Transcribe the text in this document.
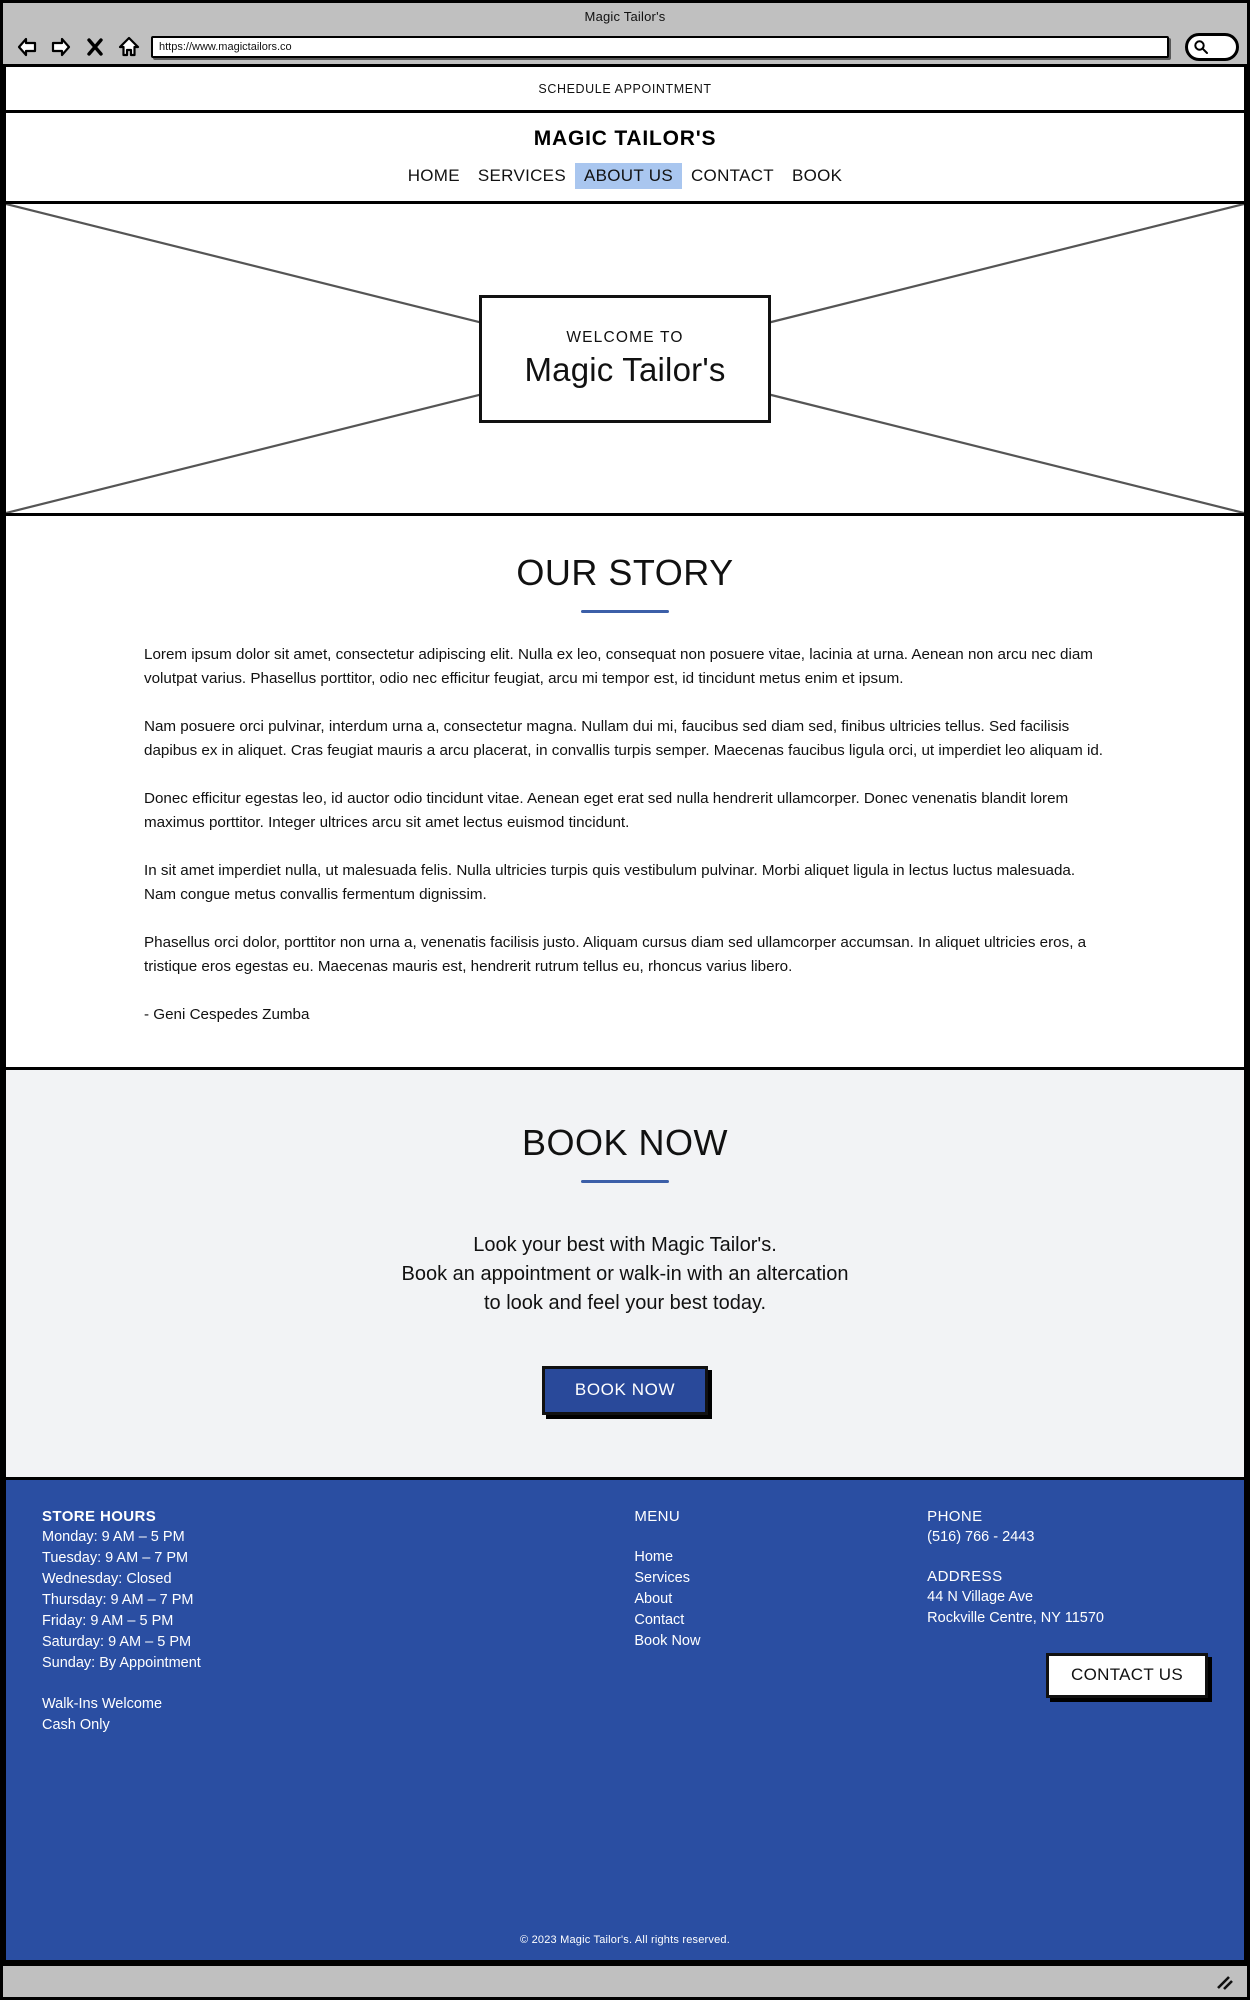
Magic Tailor's
https://www.magictailors.co
SCHEDULE APPOINTMENT
MAGIC TAILOR'S
HOME	SERVICES	ABOUT US	CONTACT	BOOK
WELCOME TO
Magic Tailor's
OUR STORY

Lorem ipsum dolor sit amet, consectetur adipiscing elit. Nulla ex leo, consequat non posuere vitae, lacinia at urna. Aenean non arcu nec diam volutpat varius. Phasellus porttitor, odio nec efficitur feugiat, arcu mi tempor est, id tincidunt metus enim et ipsum.

Nam posuere orci pulvinar, interdum urna a, consectetur magna. Nullam dui mi, faucibus sed diam sed, finibus ultricies tellus. Sed facilisis dapibus ex in aliquet. Cras feugiat mauris a arcu placerat, in convallis turpis semper. Maecenas faucibus ligula orci, ut imperdiet leo aliquam id.

Donec efficitur egestas leo, id auctor odio tincidunt vitae. Aenean eget erat sed nulla hendrerit ullamcorper. Donec venenatis blandit lorem maximus porttitor. Integer ultrices arcu sit amet lectus euismod tincidunt.

In sit amet imperdiet nulla, ut malesuada felis. Nulla ultricies turpis quis vestibulum pulvinar. Morbi aliquet ligula in lectus luctus malesuada. Nam congue metus convallis fermentum dignissim.

Phasellus orci dolor, porttitor non urna a, venenatis facilisis justo. Aliquam cursus diam sed ullamcorper accumsan. In aliquet ultricies eros, a tristique eros egestas eu. Maecenas mauris est, hendrerit rutrum tellus eu, rhoncus varius libero.

- Geni Cespedes Zumba

BOOK NOW
Look your best with Magic Tailor's.
Book an appointment or walk-in with an altercation
to look and feel your best today.
BOOK NOW
STORE HOURS
Monday: 9 AM – 5 PM
Tuesday: 9 AM – 7 PM
Wednesday: Closed
Thursday: 9 AM – 7 PM
Friday: 9 AM – 5 PM
Saturday: 9 AM – 5 PM
Sunday: By Appointment
Walk-Ins Welcome
Cash Only
MENU
Home
Services
About
Contact
Book Now
PHONE
(516) 766 - 2443
ADDRESS
44 N Village Ave
Rockville Centre, NY 11570
CONTACT US
© 2023 Magic Tailor's. All rights reserved.
